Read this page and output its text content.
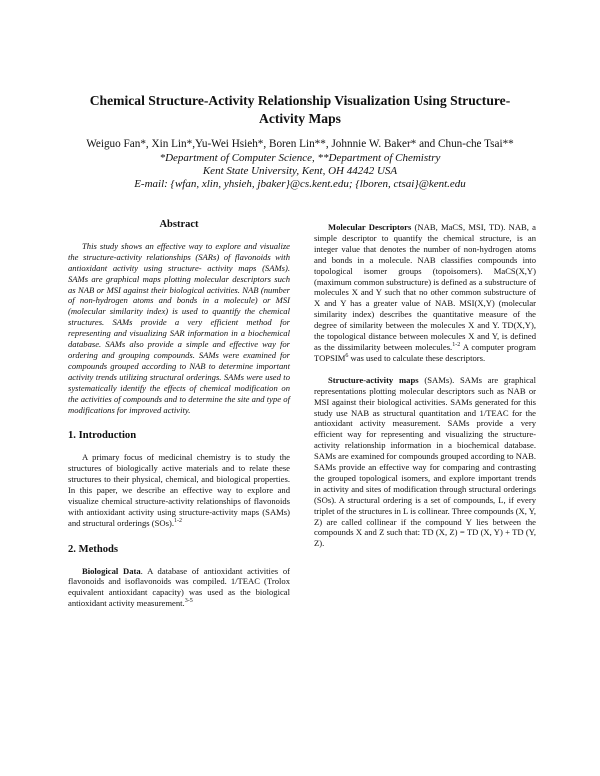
Chemical Structure-Activity Relationship Visualization Using Structure-Activity Maps
Weiguo Fan*, Xin Lin*,Yu-Wei Hsieh*, Boren Lin**, Johnnie W. Baker* and Chun-che Tsai**
*Department of Computer Science, **Department of Chemistry
Kent State University, Kent, OH 44242 USA
E-mail: {wfan, xlin, yhsieh, jbaker}@cs.kent.edu; {lboren, ctsai}@kent.edu
Abstract

This study shows an effective way to explore and visualize the structure-activity relationships (SARs) of flavonoids with antioxidant activity using structure- activity maps (SAMs). SAMs are graphical maps plotting molecular descriptors such as NAB or MSI against their biological activities. NAB (number of non-hydrogen atoms and bonds in a molecule) or MSI (molecular similarity index) is used to quantify the chemical structures. SAMs provide a very efficient method for representing and visualizing SAR information in a biochemical database. SAMs also provide a simple and effective way for ordering and grouping compounds. SAMs were examined for compounds grouped according to NAB to determine important activity trends utilizing structural orderings. SAMs were used to systematically identify the effects of chemical modification on the activities of compounds and to determine the site and type of modifications for improved activity.

1. Introduction

A primary focus of medicinal chemistry is to study the structures of biologically active materials and to relate these structures to their physical, chemical, and biological properties. In this paper, we describe an effective way to explore and visualize chemical structure-activity relationships of flavonoids with antioxidant activity using structure-activity maps (SAMs) and structural orderings (SOs).$^{1-2}$

2. Methods

Biological Data. A database of antioxidant activities of flavonoids and isoflavonoids was compiled. 1/TEAC (Trolox equivalent antioxidant capacity) was used as the biological antioxidant activity measurement.$^{3-5}$

Molecular Descriptors (NAB, MaCS, MSI, TD). NAB, a simple descriptor to quantify the chemical structure, is an integer value that denotes the number of non-hydrogen atoms and bonds in a molecule. NAB classifies compounds into topological isomer groups (topoisomers). MaCS(X,Y) (maximum common substructure) is defined as a substructure of molecules X and Y such that no other common substructure of X and Y has a greater value of NAB. MSI(X,Y) (molecular similarity index) describes the quantitative measure of the degree of similarity between the molecules X and Y. TD(X,Y), the topological distance between molecules X and Y, is defined as the dissimilarity between molecules.$^{1-2}$ A computer program TOPSIM$^6$ was used to calculate these descriptors.

Structure-activity maps (SAMs). SAMs are graphical representations plotting molecular descriptors such as NAB or MSI against their biological activities. SAMs generated for this study use NAB as structural quantitation and 1/TEAC for the antioxidant activity measurement. SAMs provide a very efficient way for representing and visualizing the structure-activity relationship information in a biochemical database. SAMs are examined for compounds grouped according to NAB. SAMs provide an effective way for comparing and contrasting the grouped topological isomers, and explore important trends in activity and sites of modification through structural orderings (SOs). A structural ordering is a set of compounds, L, if every triplet of the structures in L is collinear. Three compounds (X, Y, Z) are called collinear if the compound Y lies between the compounds X and Z such that: TD (X, Z) = TD (X, Y) + TD (Y, Z).
